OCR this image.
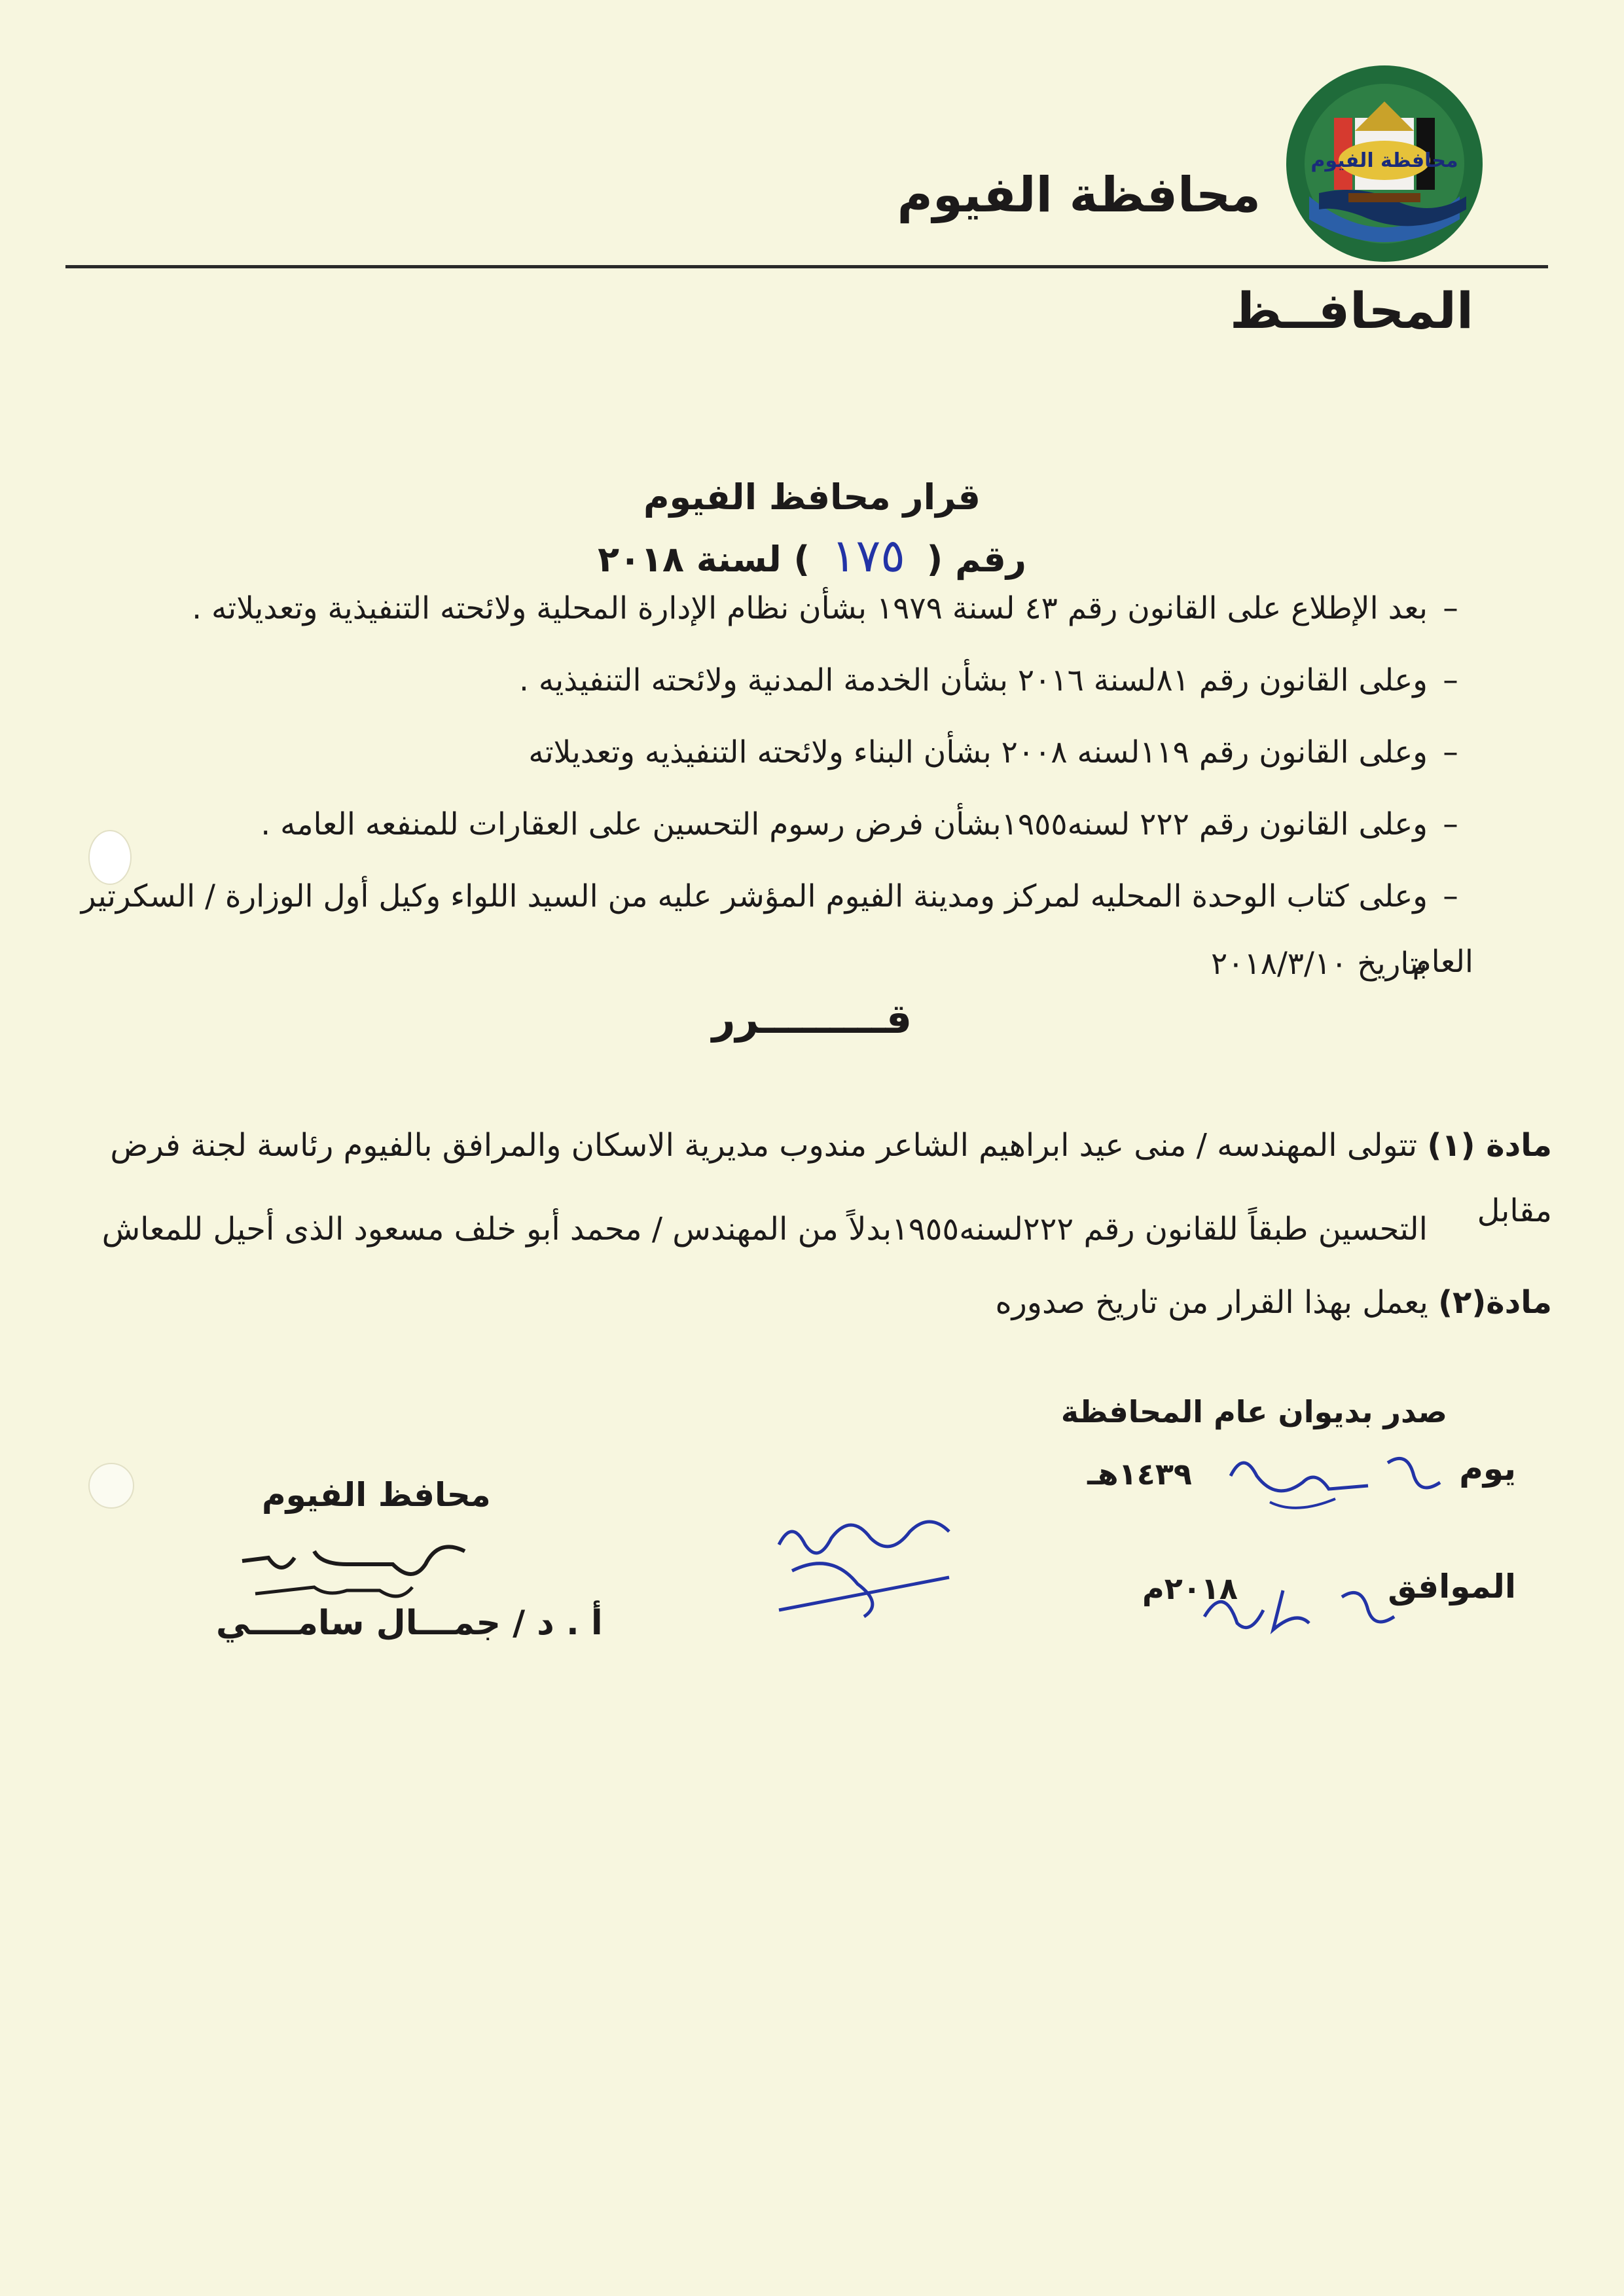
محافظة الفيوم
محافظة الفيوم
المحافــظ
قرار محافظ الفيوم
رقم ( ١٧٥ ) لسنة ٢٠١٨
–بعد الإطلاع على القانون رقم ٤٣ لسنة ١٩٧٩ بشأن نظام الإدارة المحلية ولائحته التنفيذية وتعديلاته .
–وعلى القانون رقم ٨١لسنة ٢٠١٦ بشأن الخدمة المدنية ولائحته التنفيذيه .
–وعلى القانون رقم ١١٩لسنه ٢٠٠٨ بشأن البناء ولائحته التنفيذيه وتعديلاته
–وعلى القانون رقم ٢٢٢ لسنه١٩٥٥بشأن فرض رسوم التحسين على العقارات للمنفعه العامه .
–وعلى كتاب الوحدة المحليه لمركز ومدينة الفيوم المؤشر عليه من السيد اللواء وكيل أول الوزارة / السكرتير العام
بتاريخ ٢٠١٨/٣/١٠
قـــــــــرر
مادة (١) تتولى المهندسه / منى عيد ابراهيم الشاعر مندوب مديرية الاسكان والمرافق بالفيوم رئاسة لجنة فرض مقابل
التحسين طبقاً للقانون رقم ٢٢٢لسنه١٩٥٥بدلاً من المهندس / محمد أبو خلف مسعود الذى أحيل للمعاش
مادة(٢) يعمل بهذا القرار من تاريخ صدوره
صدر بديوان عام المحافظة
يوم
١٤٣٩هـ
الموافق
٢٠١٨م
محافظ الفيوم
أ . د / جمـــال سامــــي
